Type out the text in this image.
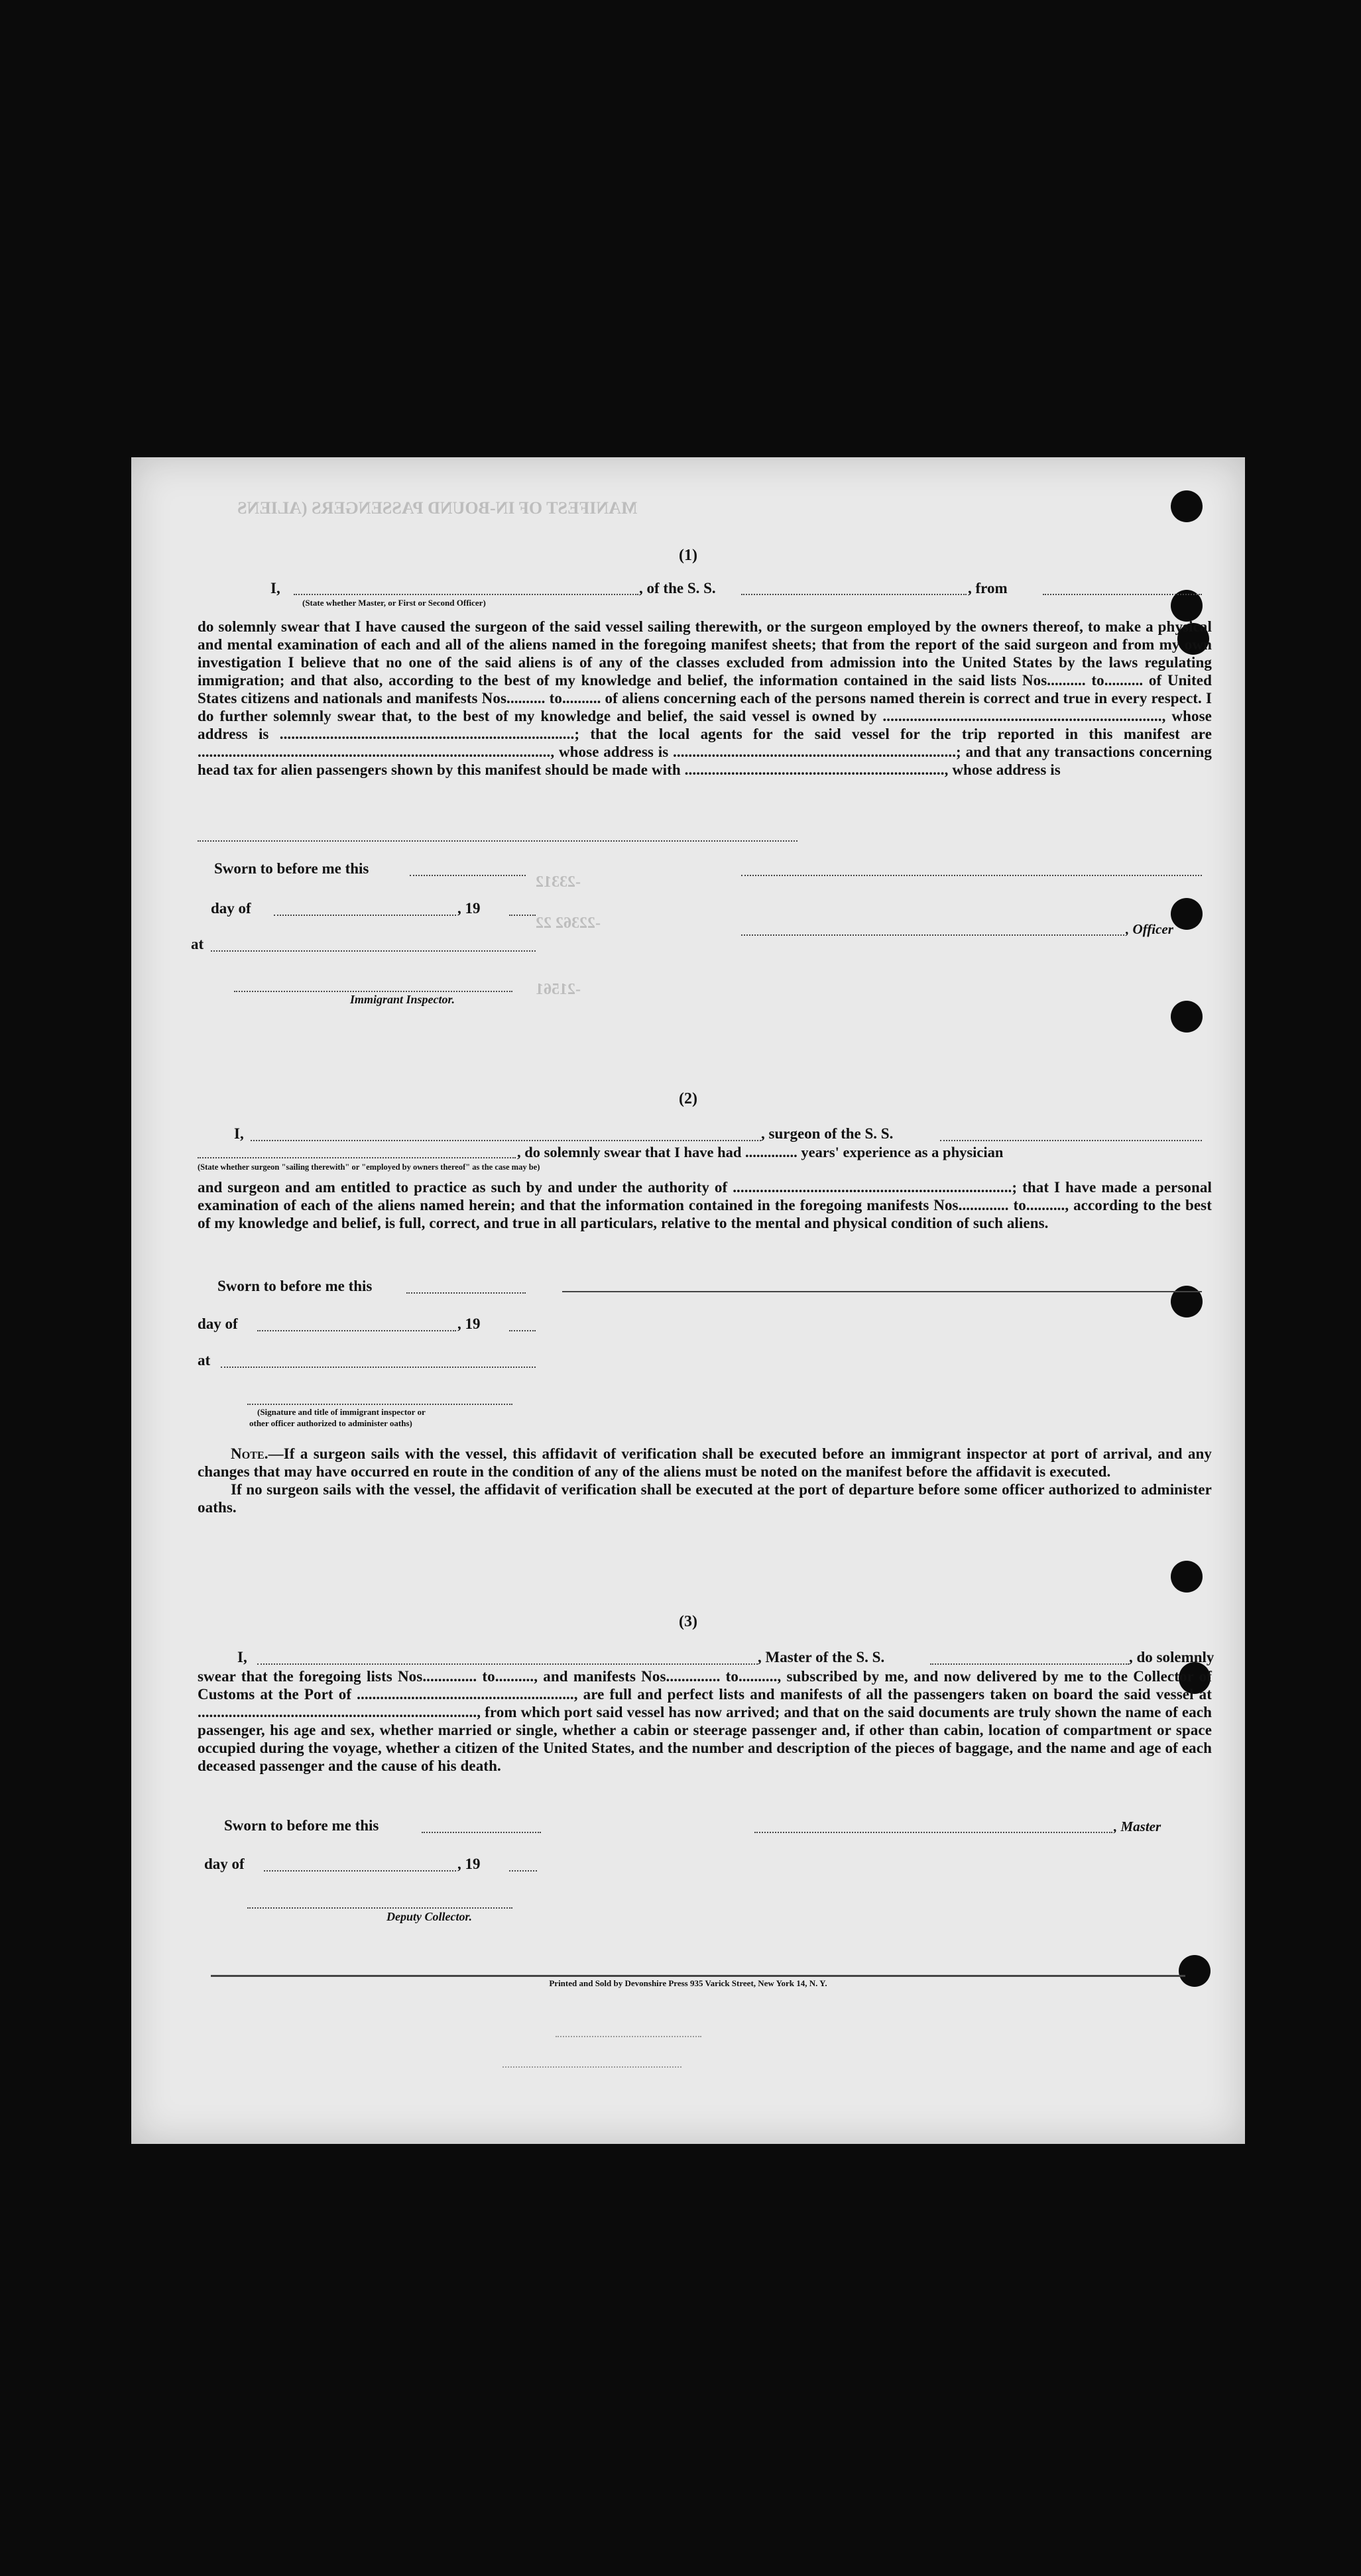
MANIFEST OF IN-BOUND PASSENGERS (ALIENS
-23312
-22362 22
-21561
(1)
I,	, of the S. S.	, from
(State whether Master, or First or Second Officer)

do solemnly swear that I have caused the surgeon of the said vessel sailing therewith, or the surgeon employed by the owners thereof, to make a physical and mental examination of each and all of the aliens named in the foregoing manifest sheets; that from the report of the said surgeon and from my own investigation I believe that no one of the said aliens is of any of the classes excluded from admission into the United States by the laws regulating immigration; and that also, according to the best of my knowledge and belief, the information contained in the said lists Nos.......... to.......... of United States citizens and nationals and manifests Nos.......... to.......... of aliens concerning each of the persons named therein is correct and true in every respect. I do further solemnly swear that, to the best of my knowledge and belief, the said vessel is owned by ........................................................................, whose address is ............................................................................; that the local agents for the said vessel for the trip reported in this manifest are ..........................................................................................., whose address is .........................................................................; and that any transactions concerning head tax for alien passengers shown by this manifest should be made with ..................................................................., whose address is

Sworn to before me this
day of	, 19
at
, Officer
Immigrant Inspector.
(2)
I,	, surgeon of the S. S.
, do solemnly swear that I have had .............. years' experience as a physician
(State whether surgeon "sailing therewith" or "employed by owners thereof" as the case may be)

and surgeon and am entitled to practice as such by and under the authority of ........................................................................; that I have made a personal examination of each of the aliens named herein; and that the information contained in the foregoing manifests Nos............. to.........., according to the best of my knowledge and belief, is full, correct, and true in all particulars, relative to the mental and physical condition of such aliens.

Sworn to before me this
day of	, 19
at
(Signature and title of immigrant inspector or
other officer authorized to administer oaths)

Note.—If a surgeon sails with the vessel, this affidavit of verification shall be executed before an immigrant inspector at port of arrival, and any changes that may have occurred en route in the condition of any of the aliens must be noted on the manifest before the affidavit is executed.

If no surgeon sails with the vessel, the affidavit of verification shall be executed at the port of departure before some officer authorized to administer oaths.

(3)
I,	, Master of the S. S.	, do solemnly

swear that the foregoing lists Nos.............. to.........., and manifests Nos.............. to.........., subscribed by me, and now delivered by me to the Collector of Customs at the Port of ........................................................, are full and perfect lists and manifests of all the passengers taken on board the said vessel at ........................................................................, from which port said vessel has now arrived; and that on the said documents are truly shown the name of each passenger, his age and sex, whether married or single, whether a cabin or steerage passenger and, if other than cabin, location of compartment or space occupied during the voyage, whether a citizen of the United States, and the number and description of the pieces of baggage, and the name and age of each deceased passenger and the cause of his death.

Sworn to before me this	, Master
day of	, 19
Deputy Collector.
Printed and Sold by Devonshire Press 935 Varick Street, New York 14, N. Y.
